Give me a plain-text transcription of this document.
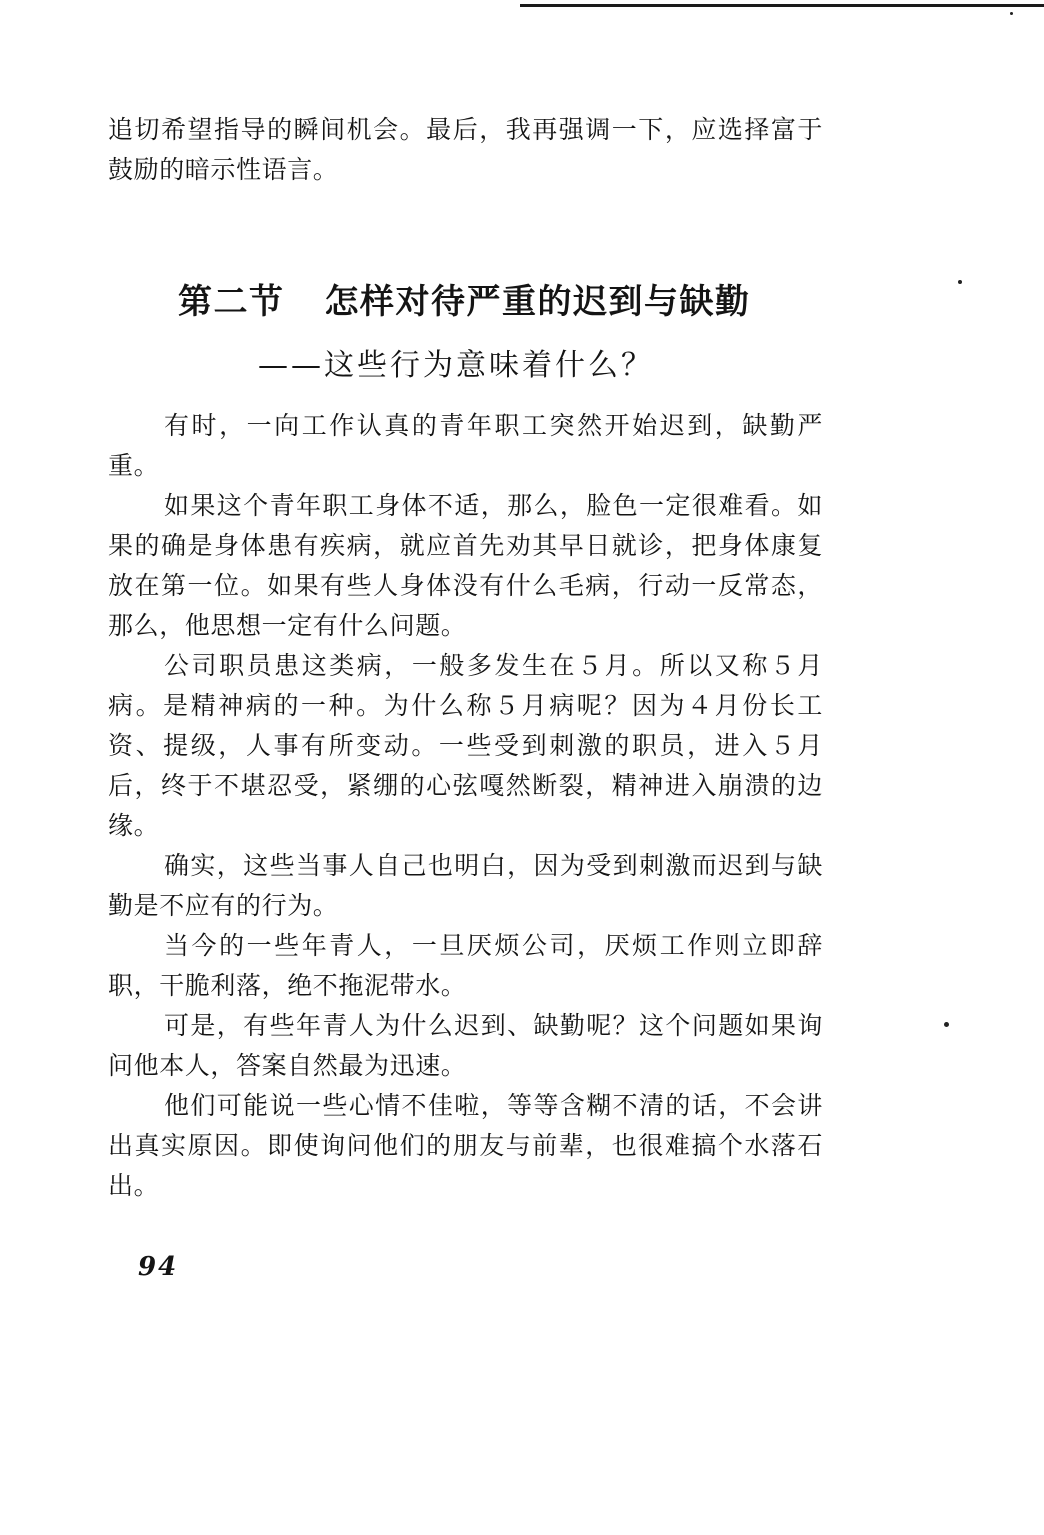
追切希望指导的瞬间机会。最后，我再强调一下，应选择富于鼓励的暗示性语言。

第二节 怎样对待严重的迟到与缺勤
——这些行为意味着什么？

有时，一向工作认真的青年职工突然开始迟到，缺勤严重。

如果这个青年职工身体不适，那么，脸色一定很难看。如果的确是身体患有疾病，就应首先劝其早日就诊，把身体康复放在第一位。如果有些人身体没有什么毛病，行动一反常态，那么，他思想一定有什么问题。

公司职员患这类病，一般多发生在５月。所以又称５月病。是精神病的一种。为什么称５月病呢？因为４月份长工资、提级，人事有所变动。一些受到刺激的职员，进入５月后，终于不堪忍受，紧绷的心弦嘎然断裂，精神进入崩溃的边缘。

确实，这些当事人自己也明白，因为受到刺激而迟到与缺勤是不应有的行为。

当今的一些年青人，一旦厌烦公司，厌烦工作则立即辞职，干脆利落，绝不拖泥带水。

可是，有些年青人为什么迟到、缺勤呢？这个问题如果询问他本人，答案自然最为迅速。

他们可能说一些心情不佳啦，等等含糊不清的话，不会讲出真实原因。即使询问他们的朋友与前辈，也很难搞个水落石出。

94
